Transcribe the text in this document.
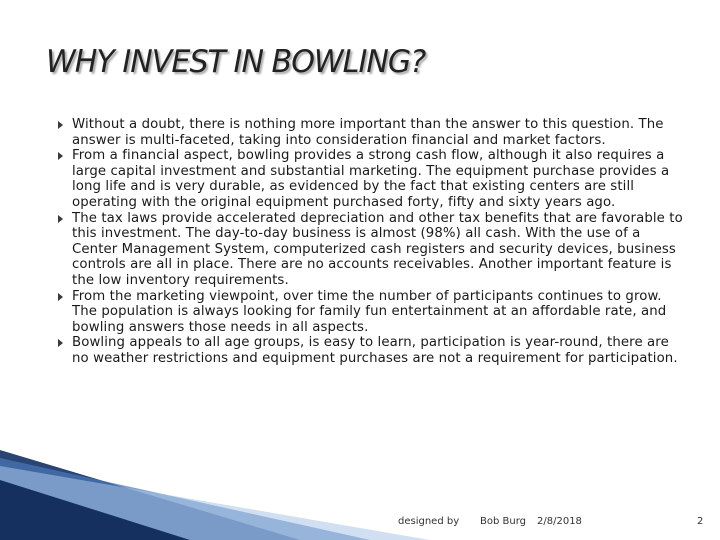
WHY INVEST IN BOWLING?
Without a doubt, there is nothing more important than the answer to this question. The answer is multi-faceted, taking into consideration financial and market factors.
From a financial aspect, bowling provides a strong cash flow, although it also requires a large capital investment and substantial marketing. The equipment purchase provides a long life and is very durable, as evidenced by the fact that existing centers are still operating with the original equipment purchased forty, fifty and sixty years ago.
The tax laws provide accelerated depreciation and other tax benefits that are favorable to this investment. The day-to-day business is almost (98%) all cash. With the use of a Center Management System, computerized cash registers and security devices, business controls are all in place. There are no accounts receivables. Another important feature is the low inventory requirements.
From the marketing viewpoint, over time the number of participants continues to grow. The population is always looking for family fun entertainment at an affordable rate, and bowling answers those needs in all aspects.
Bowling appeals to all age groups, is easy to learn, participation is year-round, there are no weather restrictions and equipment purchases are not a requirement for participation.
designed by Bob Burg 2/8/2018	2
